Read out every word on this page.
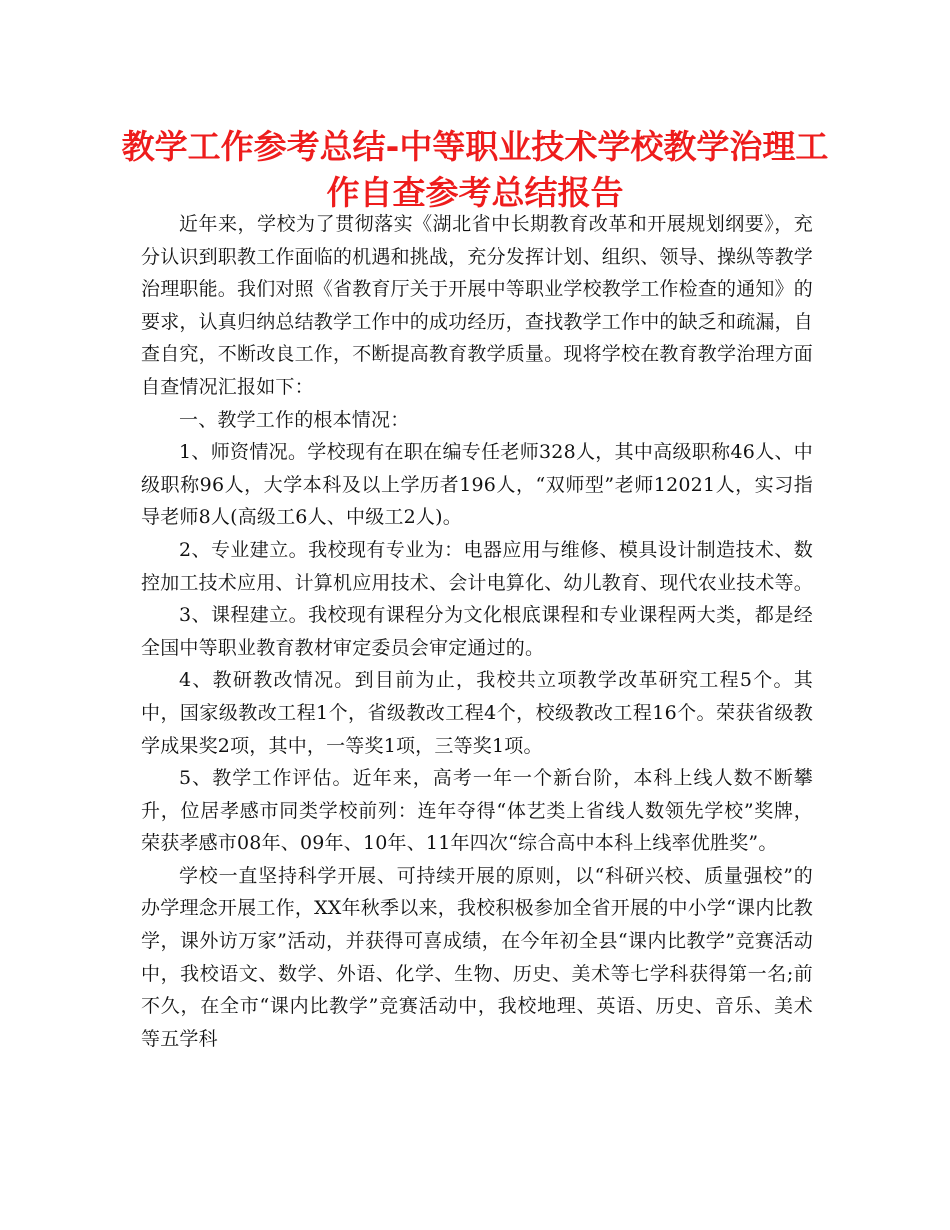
教学工作参考总结-中等职业技术学校教学治理工
作自查参考总结报告

近年来，学校为了贯彻落实《湖北省中长期教育改革和开展规划纲要》，充分认识到职教工作面临的机遇和挑战，充分发挥计划、组织、领导、操纵等教学治理职能。我们对照《省教育厅关于开展中等职业学校教学工作检查的通知》的要求，认真归纳总结教学工作中的成功经历，查找教学工作中的缺乏和疏漏，自查自究，不断改良工作，不断提高教育教学质量。现将学校在教育教学治理方面自查情况汇报如下：

一、教学工作的根本情况：

1、师资情况。学校现有在职在编专任老师328人，其中高级职称46人、中级职称96人，大学本科及以上学历者196人，“双师型”老师12021人，实习指导老师8人(高级工6人、中级工2人)。

2、专业建立。我校现有专业为：电器应用与维修、模具设计制造技术、数控加工技术应用、计算机应用技术、会计电算化、幼儿教育、现代农业技术等。

3、课程建立。我校现有课程分为文化根底课程和专业课程两大类，都是经全国中等职业教育教材审定委员会审定通过的。

4、教研教改情况。到目前为止，我校共立项教学改革研究工程5个。其中，国家级教改工程1个，省级教改工程4个，校级教改工程16个。荣获省级教学成果奖2项，其中，一等奖1项，三等奖1项。

5、教学工作评估。近年来，高考一年一个新台阶，本科上线人数不断攀升，位居孝感市同类学校前列：连年夺得“体艺类上省线人数领先学校”奖牌，荣获孝感市08年、09年、10年、11年四次“综合高中本科上线率优胜奖”。

学校一直坚持科学开展、可持续开展的原则，以“科研兴校、质量强校”的办学理念开展工作，XX年秋季以来，我校积极参加全省开展的中小学“课内比教学，课外访万家”活动，并获得可喜成绩，在今年初全县“课内比教学”竞赛活动中，我校语文、数学、外语、化学、生物、历史、美术等七学科获得第一名;前不久，在全市“课内比教学”竞赛活动中，我校地理、英语、历史、音乐、美术等五学科
